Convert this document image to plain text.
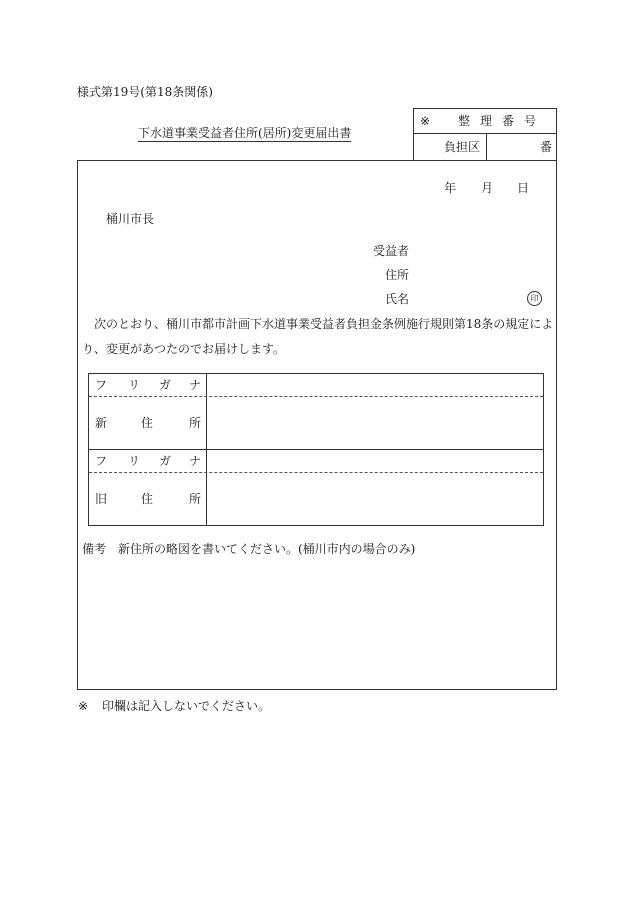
様式第19号(第18条関係)
下水道事業受益者住所(居所)変更届出書
※ 整 理 番 号
負担区	番
年 月 日
桶川市長
受益者
住所
氏名	印
次のとおり、桶川市都市計画下水道事業受益者負担金条例施行規則第18条の規定によ
り、変更があつたのでお届けします。
フ リ ガ ナ
新	住	所
フ リ ガ ナ
旧	住	所
備考 新住所の略図を書いてください。(桶川市内の場合のみ)
※ 印欄は記入しないでください。
